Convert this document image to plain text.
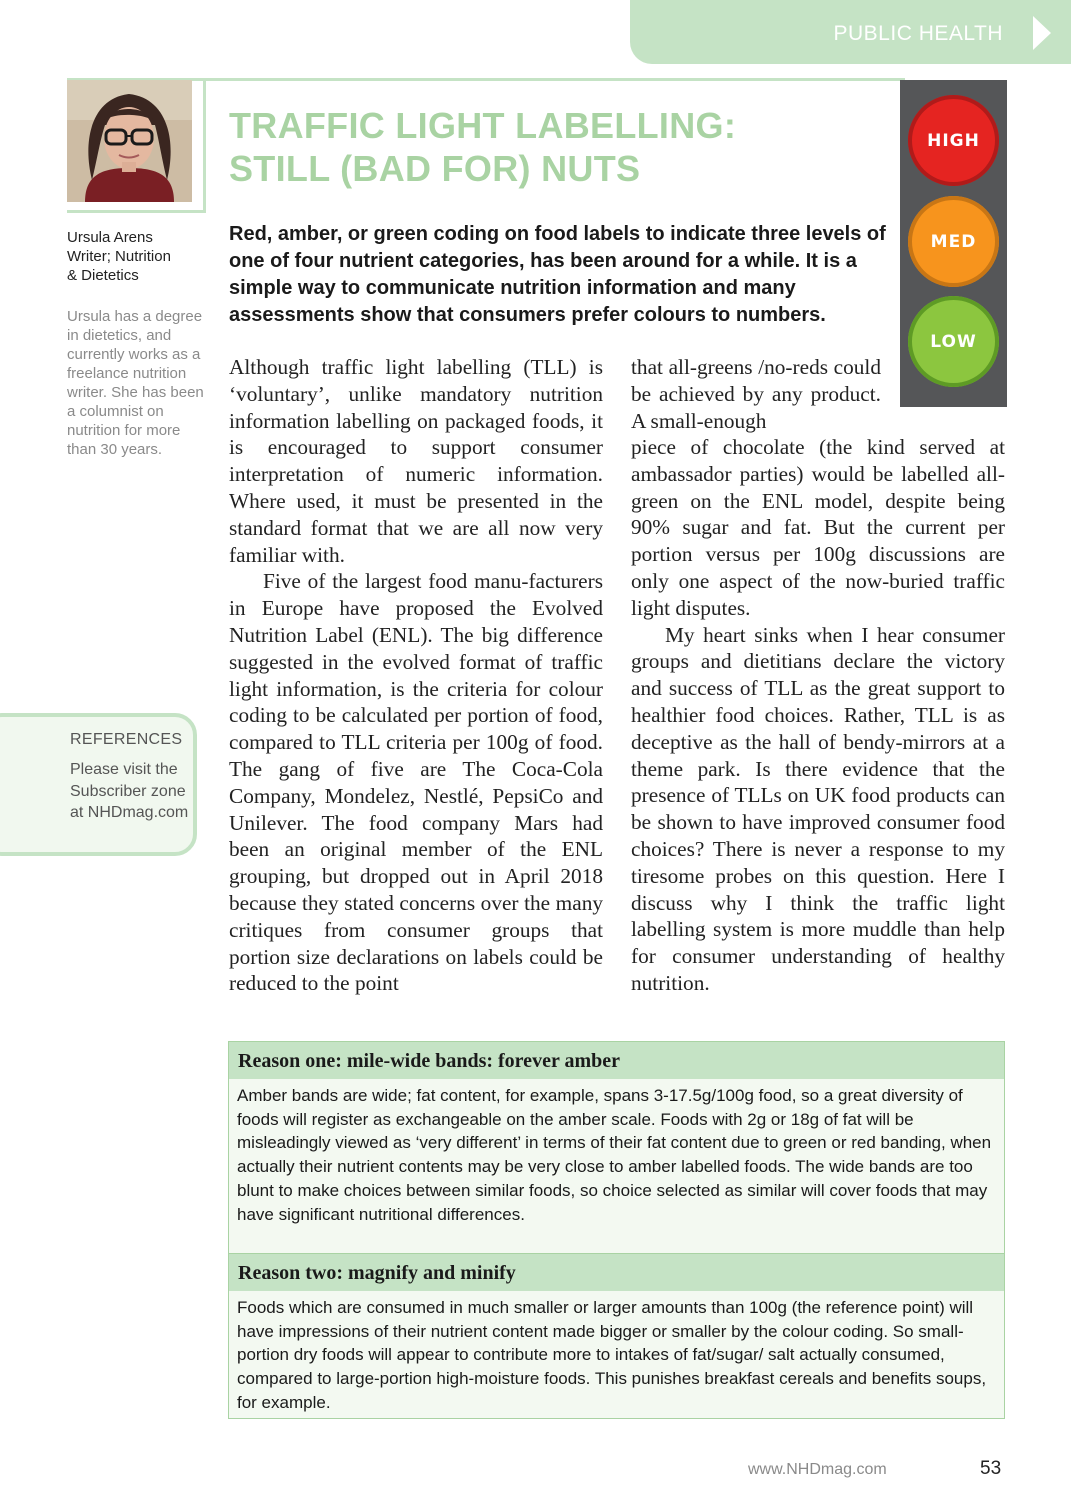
PUBLIC HEALTH
TRAFFIC LIGHT LABELLING:
STILL (BAD FOR) NUTS
Ursula Arens
Writer; Nutrition
& Dietetics
Ursula has a degree in dietetics, and currently works as a freelance nutrition writer. She has been a columnist on nutrition for more than 30 years.
HIGH
MED
LOW

Red, amber, or green coding on food labels to indicate three levels of one of four nutrient categories, has been around for a while. It is a simple way to communicate nutrition information and many assessments show that consumers prefer colours to numbers.

Although traffic light labelling (TLL) is ‘voluntary’, unlike mandatory nutrition information labelling on packaged foods, it is encouraged to support consumer interpretation of numeric information. Where used, it must be presented in the standard format that we are all now very familiar with.

Five of the largest food manu-facturers in Europe have proposed the Evolved Nutrition Label (ENL). The big difference suggested in the evolved format of traffic light information, is the criteria for colour coding to be calculated per portion of food, compared to TLL criteria per 100g of food. The gang of five are The Coca-Cola Company, Mondelez, Nestlé, PepsiCo and Unilever. The food company Mars had been an original member of the ENL grouping, but dropped out in April 2018 because they stated concerns over the many critiques from consumer groups that portion size declarations on labels could be reduced to the point

that all-greens /no-reds could be achieved by any product. A small-enough

piece of chocolate (the kind served at ambassador parties) would be labelled all-green on the ENL model, despite being 90% sugar and fat. But the current per portion versus per 100g discussions are only one aspect of the now-buried traffic light disputes.

My heart sinks when I hear consumer groups and dietitians declare the victory and success of TLL as the great support to healthier food choices. Rather, TLL is as deceptive as the hall of bendy-mirrors at a theme park. Is there evidence that the presence of TLLs on UK food products can be shown to have improved consumer food choices? There is never a response to my tiresome probes on this question. Here I discuss why I think the traffic light labelling system is more muddle than help for consumer understanding of healthy nutrition.

REFERENCES
Please visit the Subscriber zone at NHDmag.com
Reason one: mile-wide bands: forever amber
Amber bands are wide; fat content, for example, spans 3-17.5g/100g food, so a great diversity of foods will register as exchangeable on the amber scale. Foods with 2g or 18g of fat will be misleadingly viewed as ‘very different’ in terms of their fat content due to green or red banding, when actually their nutrient contents may be very close to amber labelled foods. The wide bands are too blunt to make choices between similar foods, so choice selected as similar will cover foods that may have significant nutritional differences.
Reason two: magnify and minify
Foods which are consumed in much smaller or larger amounts than 100g (the reference point) will have impressions of their nutrient content made bigger or smaller by the colour coding. So small-portion dry foods will appear to contribute more to intakes of fat/sugar/ salt actually consumed, compared to large-portion high-moisture foods. This punishes breakfast cereals and benefits soups, for example.
www.NHDmag.com	53
